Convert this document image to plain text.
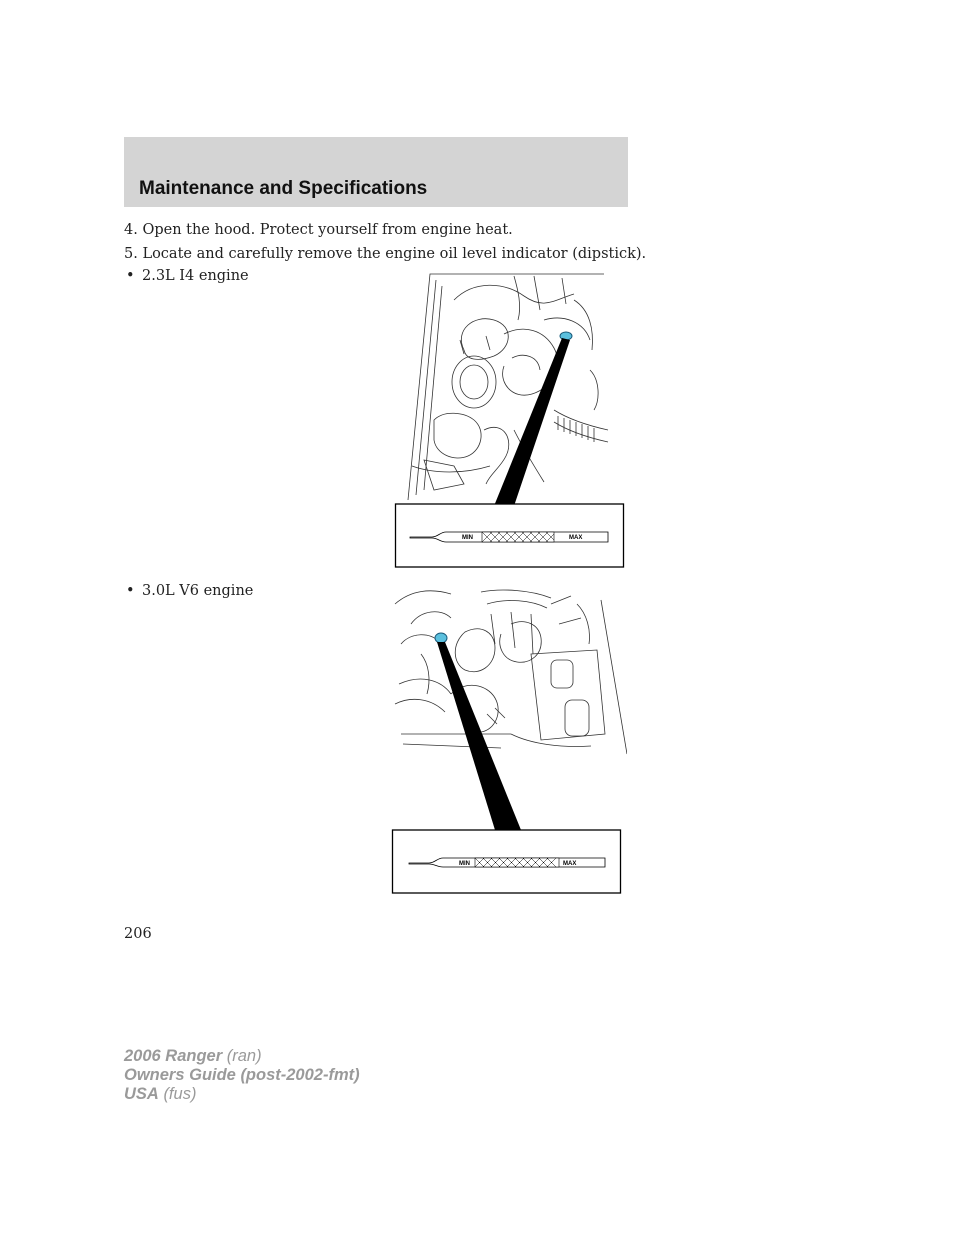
Maintenance and Specifications
4. Open the hood. Protect yourself from engine heat.
5. Locate and carefully remove the engine oil level indicator (dipstick).
• 2.3L I4 engine
MIN	MAX
• 3.0L V6 engine
MIN	MAX
206
2006 Ranger (ran)
Owners Guide (post-2002-fmt)
USA (fus)
